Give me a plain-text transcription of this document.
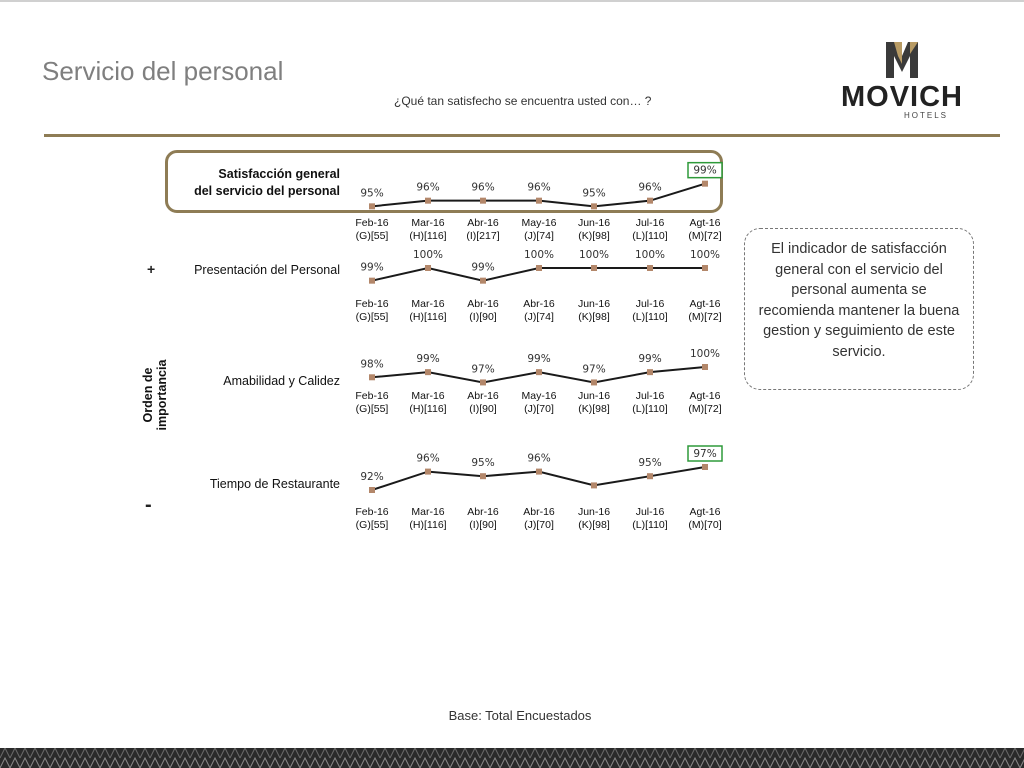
Servicio del personal
¿Qué tan satisfecho se encuentra usted con… ?	MOVICH
HOTELS
Satisfacción general
del servicio del personal
Presentación del Personal
Amabilidad y Calidez
Tiempo de Restaurante
+
Orden de importancia
-
95%
Feb-16
(G)[55]
96%
Mar-16
(H)[116]
96%
Abr-16
(I)[217]
96%
May-16
(J)[74]
95%
Jun-16
(K)[98]
96%
Jul-16
(L)[110]
99%
Agt-16
(M)[72]
99%
Feb-16
(G)[55]
100%
Mar-16
(H)[116]
99%
Abr-16
(I)[90]
100%
Abr-16
(J)[74]
100%
Jun-16
(K)[98]
100%
Jul-16
(L)[110]
100%
Agt-16
(M)[72]
98%
Feb-16
(G)[55]
99%
Mar-16
(H)[116]
97%
Abr-16
(I)[90]
99%
May-16
(J)[70]
97%
Jun-16
(K)[98]
99%
Jul-16
(L)[110]
100%
Agt-16
(M)[72]
92%
Feb-16
(G)[55]
96%
Mar-16
(H)[116]
95%
Abr-16
(I)[90]
96%
Abr-16
(J)[70]
Jun-16
(K)[98]
95%
Jul-16
(L)[110]
97%
Agt-16
(M)[70]
El indicador de satisfacción general con el servicio del personal aumenta se recomienda mantener la buena gestion y seguimiento de este servicio.
Base: Total Encuestados
